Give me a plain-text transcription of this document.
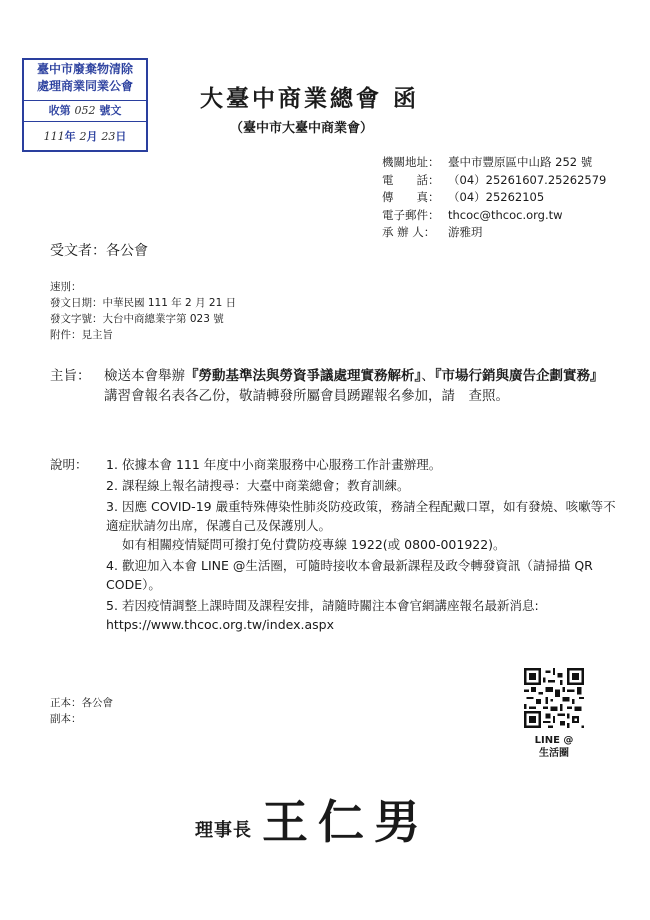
臺中市廢棄物清除
處理商業同業公會
收第 052 號文
111年 2月 23日
大臺中商業總會 函
（臺中市大臺中商業會）
機關地址： 臺中市豐原區中山路 252 號
電　　話： （04）25261607.25262579
傳　　真： （04）25262105
電子郵件： thcoc@thcoc.org.tw
承 辦 人： 游雅玥
受文者：各公會
速別：
發文日期：中華民國 111 年 2 月 21 日
發文字號：大台中商總業字第 023 號
附件：見主旨
主旨： 檢送本會舉辦『勞動基準法與勞資爭議處理實務解析』、『市場行銷與廣告企劃實務』講習會報名表各乙份，敬請轉發所屬會員踴躍報名參加，請　查照。
說明： 1. 依據本會 111 年度中小商業服務中心服務工作計畫辦理。
2. 課程線上報名請搜尋：大臺中商業總會；教育訓練。
3. 因應 COVID-19 嚴重特殊傳染性肺炎防疫政策，務請全程配戴口罩，如有發燒、咳嗽等不適症狀請勿出席，保護自己及保護別人。
如有相關疫情疑問可撥打免付費防疫專線 1922(或 0800-001922)。
4. 歡迎加入本會 LINE @生活圈，可隨時接收本會最新課程及政令轉發資訊（請掃描 QR CODE）。
5. 若因疫情調整上課時間及課程安排，請隨時關注本會官網講座報名最新消息: https://www.thcoc.org.tw/index.aspx
LINE @
生活圈
正本：各公會
副本：
理事長 王仁男
